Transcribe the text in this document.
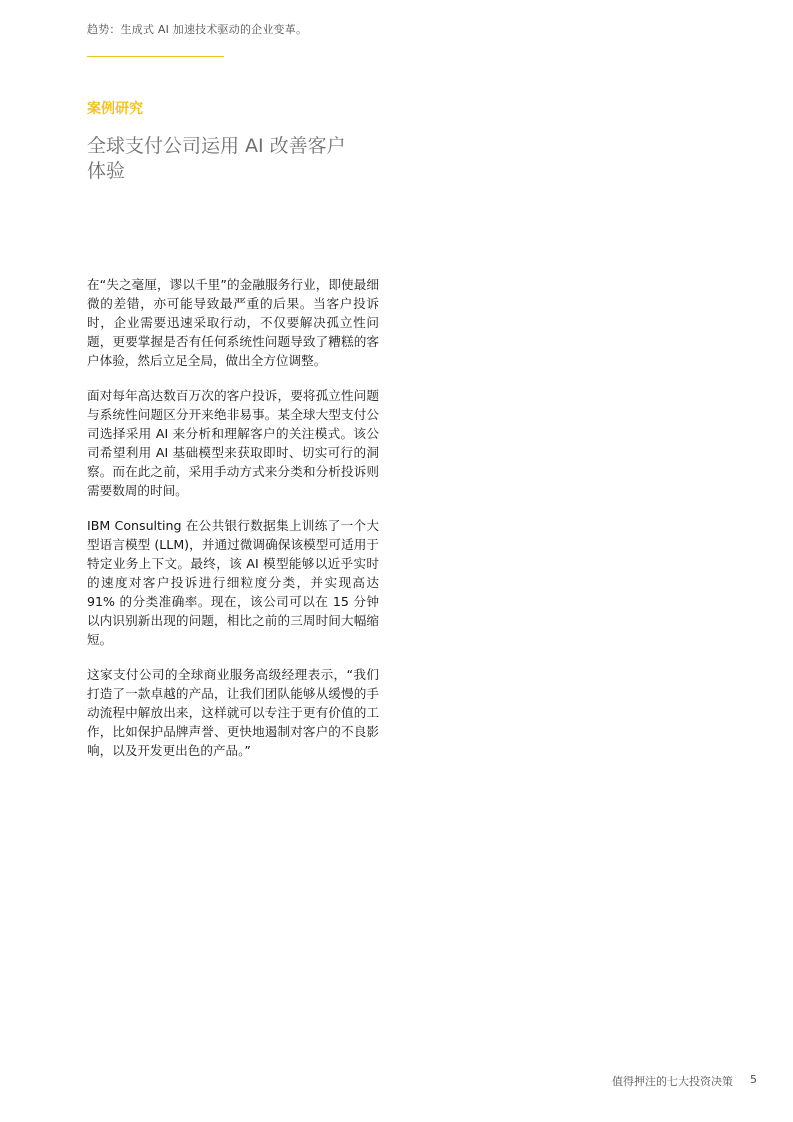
趋势：生成式 AI 加速技术驱动的企业变革。
案例研究
全球支付公司运用 AI 改善客户体验

在“失之毫厘，谬以千里”的金融服务行业，即使最细微的差错，亦可能导致最严重的后果。当客户投诉时，企业需要迅速采取行动，不仅要解决孤立性问题，更要掌握是否有任何系统性问题导致了糟糕的客户体验，然后立足全局，做出全方位调整。

面对每年高达数百万次的客户投诉，要将孤立性问题与系统性问题区分开来绝非易事。某全球大型支付公司选择采用 AI 来分析和理解客户的关注模式。该公司希望利用 AI 基础模型来获取即时、切实可行的洞察。而在此之前，采用手动方式来分类和分析投诉则需要数周的时间。

IBM Consulting 在公共银行数据集上训练了一个大型语言模型 (LLM)，并通过微调确保该模型可适用于特定业务上下文。最终，该 AI 模型能够以近乎实时的速度对客户投诉进行细粒度分类，并实现高达 91% 的分类准确率。现在，该公司可以在 15 分钟以内识别新出现的问题，相比之前的三周时间大幅缩短。

这家支付公司的全球商业服务高级经理表示，“我们打造了一款卓越的产品，让我们团队能够从缓慢的手动流程中解放出来，这样就可以专注于更有价值的工作，比如保护品牌声誉、更快地遏制对客户的不良影响，以及开发更出色的产品。”

值得押注的七大投资决策 5
